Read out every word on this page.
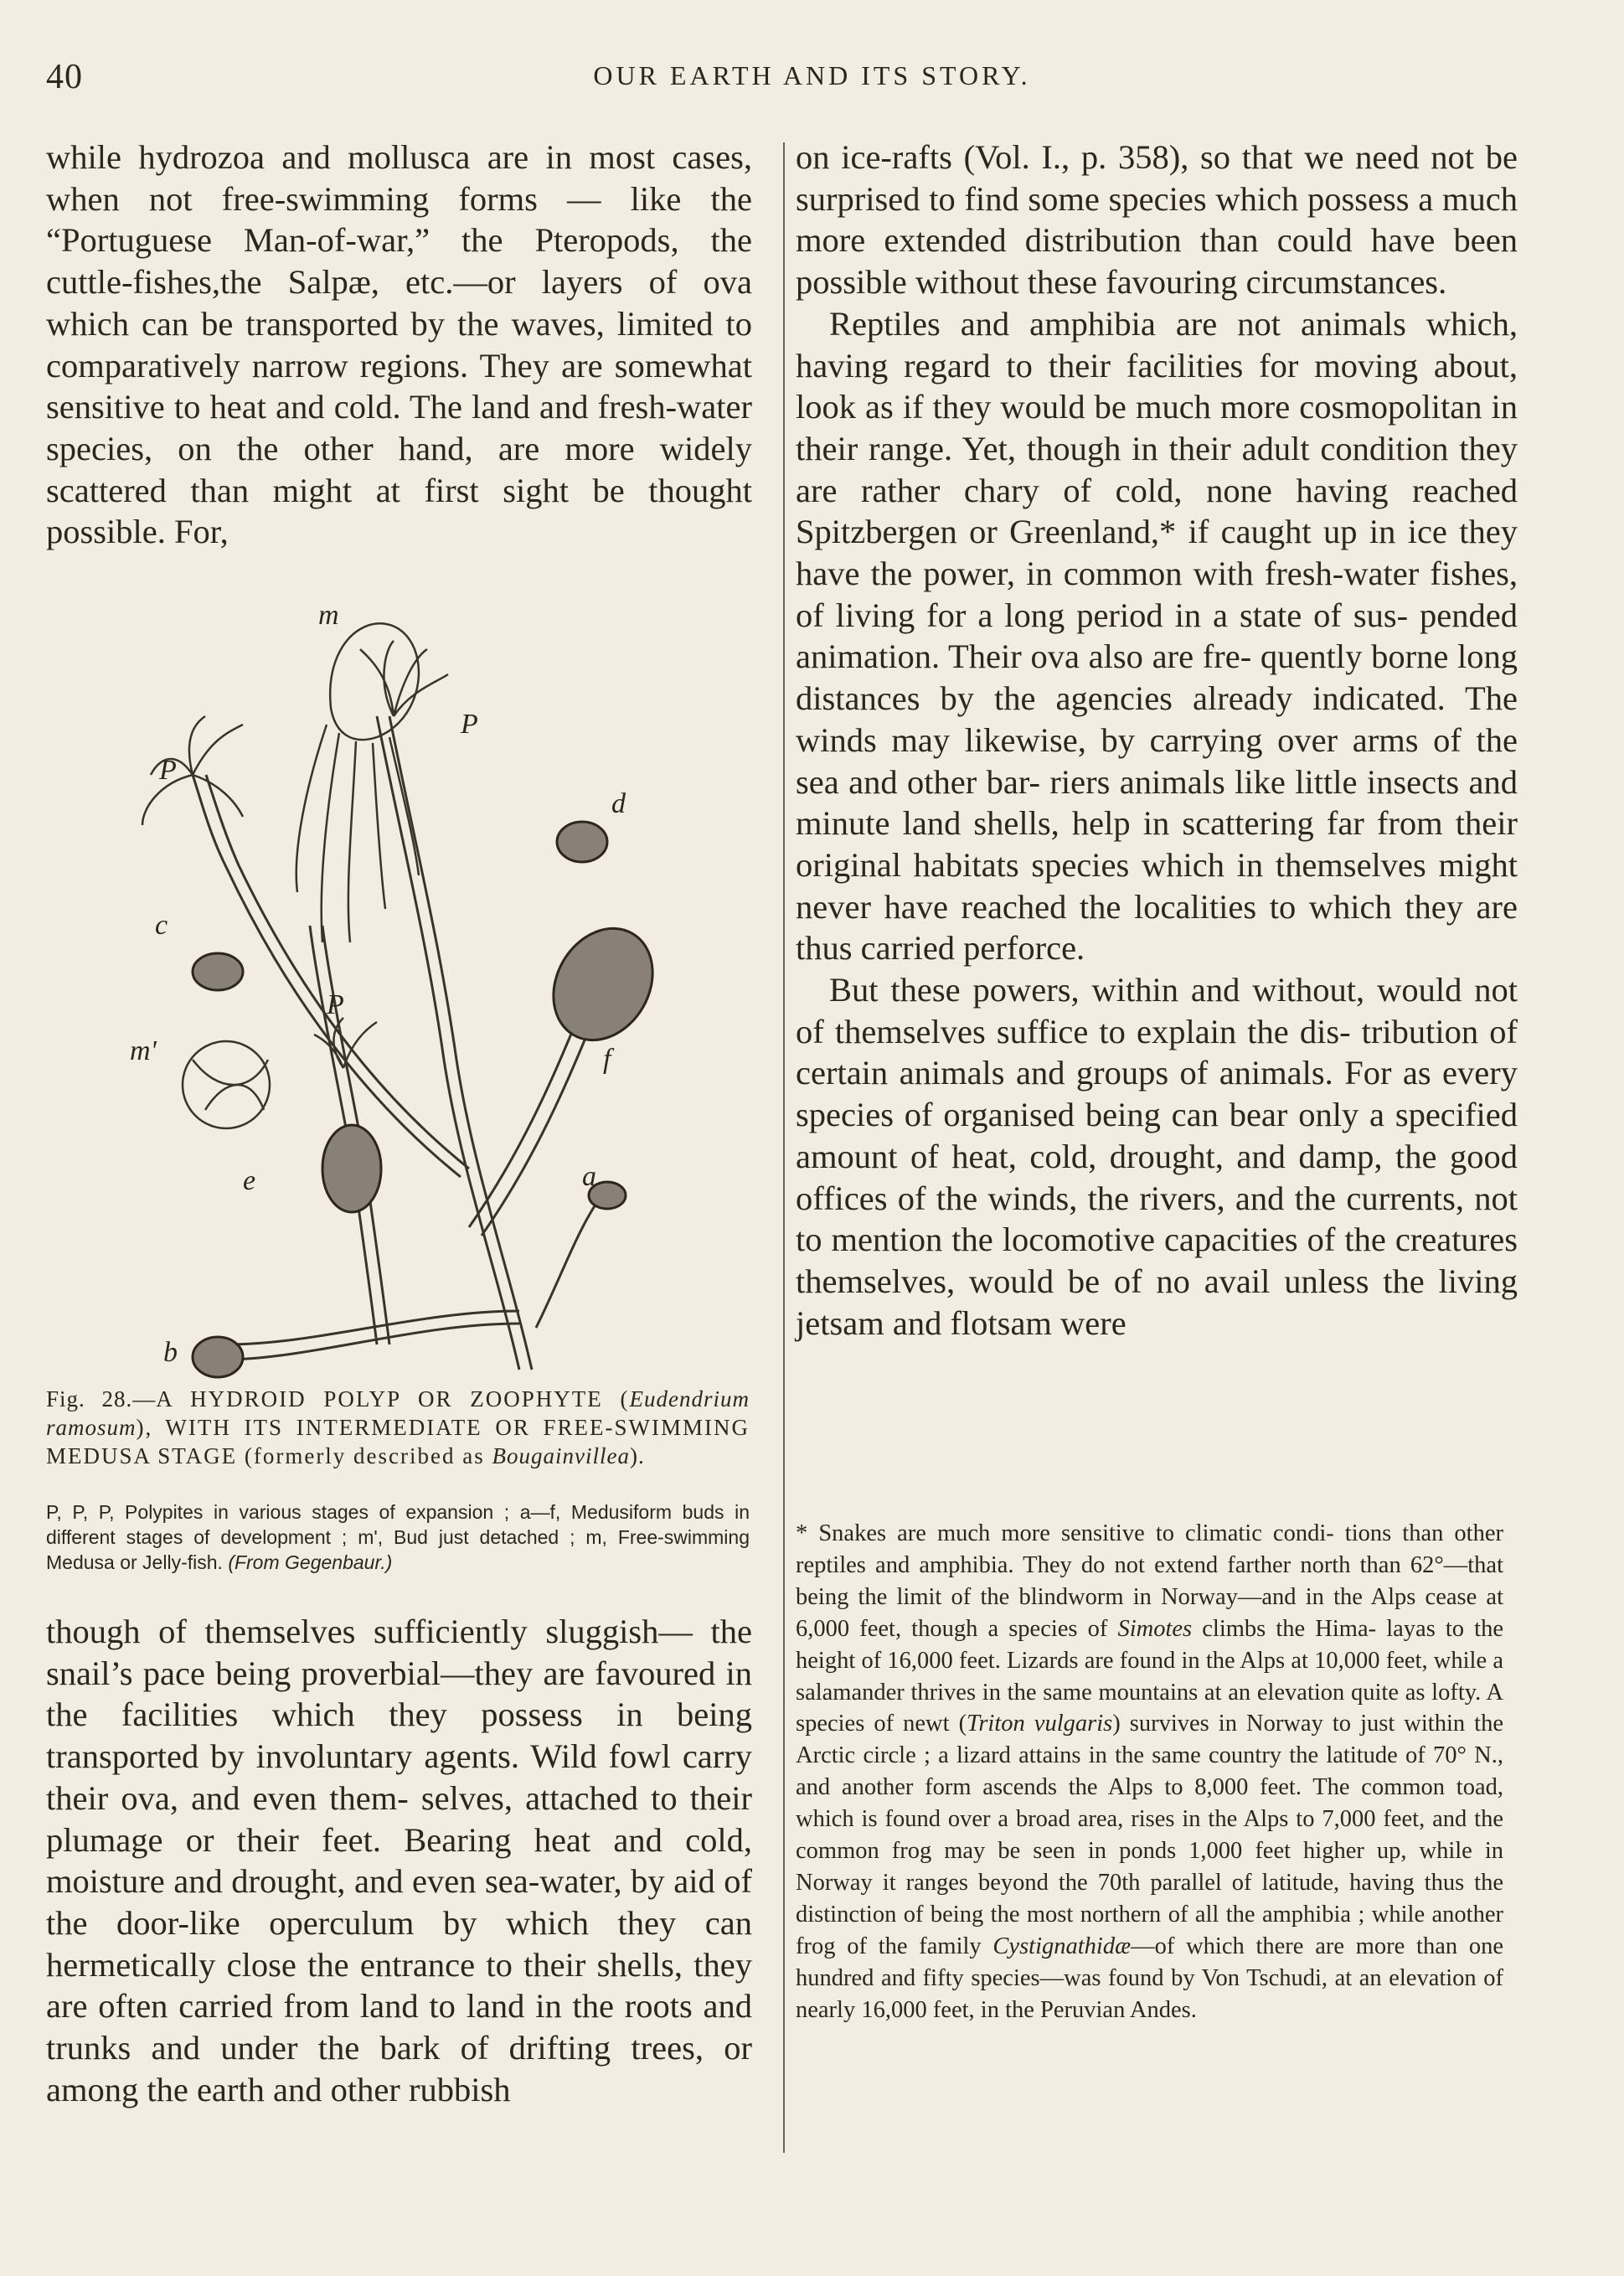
40	OUR EARTH AND ITS STORY.

while hydrozoa and mollusca are in most cases, when not free-swimming forms — like the “Portuguese Man-of-war,” the Pteropods, the cuttle-fishes,the Salpæ, etc.—or layers of ova which can be transported by the waves, limited to comparatively narrow regions. They are somewhat sensitive to heat and cold. The land and fresh-water species, on the other hand, are more widely scattered than might at first sight be thought possible. For,

m
P
P
d
c
P
m'	f
e	a
b
Fig. 28.—A HYDROID POLYP OR ZOOPHYTE (Eudendrium ramosum), WITH ITS INTERMEDIATE OR FREE-SWIMMING MEDUSA STAGE (formerly described as Bougainvillea).
P, P, P, Polypites in various stages of expansion ; a—f, Medusiform buds in different stages of development ; m', Bud just detached ; m, Free-swimming Medusa or Jelly-fish. (From Gegenbaur.)

though of themselves sufficiently sluggish— the snail’s pace being proverbial—they are favoured in the facilities which they possess in being transported by involuntary agents. Wild fowl carry their ova, and even them- selves, attached to their plumage or their feet. Bearing heat and cold, moisture and drought, and even sea-water, by aid of the door-like operculum by which they can hermetically close the entrance to their shells, they are often carried from land to land in the roots and trunks and under the bark of drifting trees, or among the earth and other rubbish

on ice-rafts (Vol. I., p. 358), so that we need not be surprised to find some species which possess a much more extended distribution than could have been possible without these favouring circumstances.

Reptiles and amphibia are not animals which, having regard to their facilities for moving about, look as if they would be much more cosmopolitan in their range. Yet, though in their adult condition they are rather chary of cold, none having reached Spitzbergen or Greenland,* if caught up in ice they have the power, in common with fresh-water fishes, of living for a long period in a state of sus- pended animation. Their ova also are fre- quently borne long distances by the agencies already indicated. The winds may likewise, by carrying over arms of the sea and other bar- riers animals like little insects and minute land shells, help in scattering far from their original habitats species which in themselves might never have reached the localities to which they are thus carried perforce.

But these powers, within and without, would not of themselves suffice to explain the dis- tribution of certain animals and groups of animals. For as every species of organised being can bear only a specified amount of heat, cold, drought, and damp, the good offices of the winds, the rivers, and the currents, not to mention the locomotive capacities of the creatures themselves, would be of no avail unless the living jetsam and flotsam were

* Snakes are much more sensitive to climatic condi- tions than other reptiles and amphibia. They do not extend farther north than 62°—that being the limit of the blindworm in Norway—and in the Alps cease at 6,000 feet, though a species of Simotes climbs the Hima- layas to the height of 16,000 feet. Lizards are found in the Alps at 10,000 feet, while a salamander thrives in the same mountains at an elevation quite as lofty. A species of newt (Triton vulgaris) survives in Norway to just within the Arctic circle ; a lizard attains in the same country the latitude of 70° N., and another form ascends the Alps to 8,000 feet. The common toad, which is found over a broad area, rises in the Alps to 7,000 feet, and the common frog may be seen in ponds 1,000 feet higher up, while in Norway it ranges beyond the 70th parallel of latitude, having thus the distinction of being the most northern of all the amphibia ; while another frog of the family Cystignathidæ—of which there are more than one hundred and fifty species—was found by Von Tschudi, at an elevation of nearly 16,000 feet, in the Peruvian Andes.
